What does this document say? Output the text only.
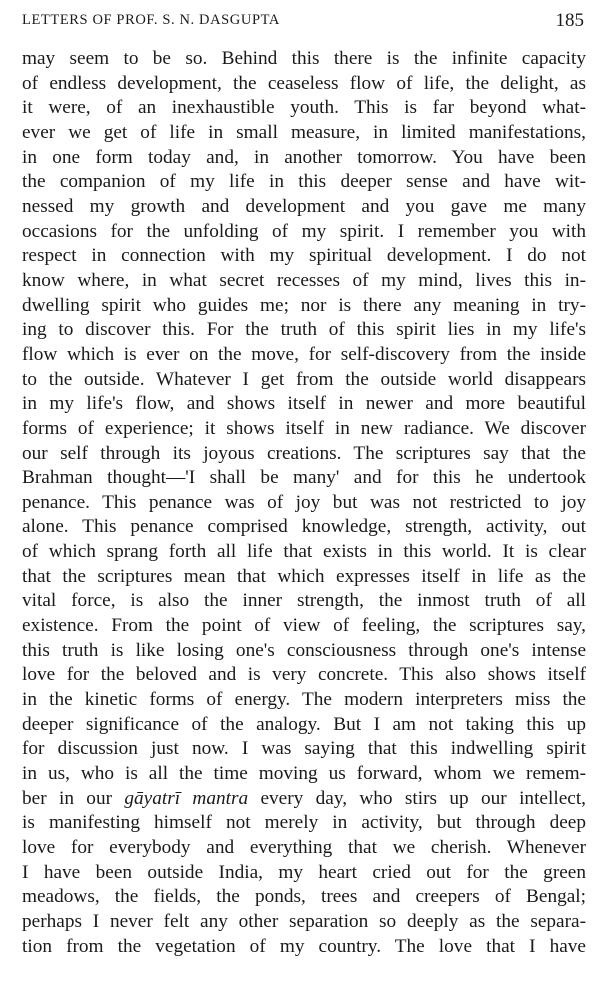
LETTERS OF PROF. S. N. DASGUPTA	185
may seem to be so. Behind this there is the infinite capacity
of endless development, the ceaseless flow of life, the delight, as
it were, of an inexhaustible youth. This is far beyond what-
ever we get of life in small measure, in limited manifestations,
in one form today and, in another tomorrow. You have been
the companion of my life in this deeper sense and have wit-
nessed my growth and development and you gave me many
occasions for the unfolding of my spirit. I remember you with
respect in connection with my spiritual development. I do not
know where, in what secret recesses of my mind, lives this in-
dwelling spirit who guides me; nor is there any meaning in try-
ing to discover this. For the truth of this spirit lies in my life's
flow which is ever on the move, for self-discovery from the inside
to the outside. Whatever I get from the outside world disappears
in my life's flow, and shows itself in newer and more beautiful
forms of experience; it shows itself in new radiance. We discover
our self through its joyous creations. The scriptures say that the
Brahman thought—'I shall be many' and for this he undertook
penance. This penance was of joy but was not restricted to joy
alone. This penance comprised knowledge, strength, activity, out
of which sprang forth all life that exists in this world. It is clear
that the scriptures mean that which expresses itself in life as the
vital force, is also the inner strength, the inmost truth of all
existence. From the point of view of feeling, the scriptures say,
this truth is like losing one's consciousness through one's intense
love for the beloved and is very concrete. This also shows itself
in the kinetic forms of energy. The modern interpreters miss the
deeper significance of the analogy. But I am not taking this up
for discussion just now. I was saying that this indwelling spirit
in us, who is all the time moving us forward, whom we remem-
ber in our gāyatrī mantra every day, who stirs up our intellect,
is manifesting himself not merely in activity, but through deep
love for everybody and everything that we cherish. Whenever
I have been outside India, my heart cried out for the green
meadows, the fields, the ponds, trees and creepers of Bengal;
perhaps I never felt any other separation so deeply as the separa-
tion from the vegetation of my country. The love that I have
